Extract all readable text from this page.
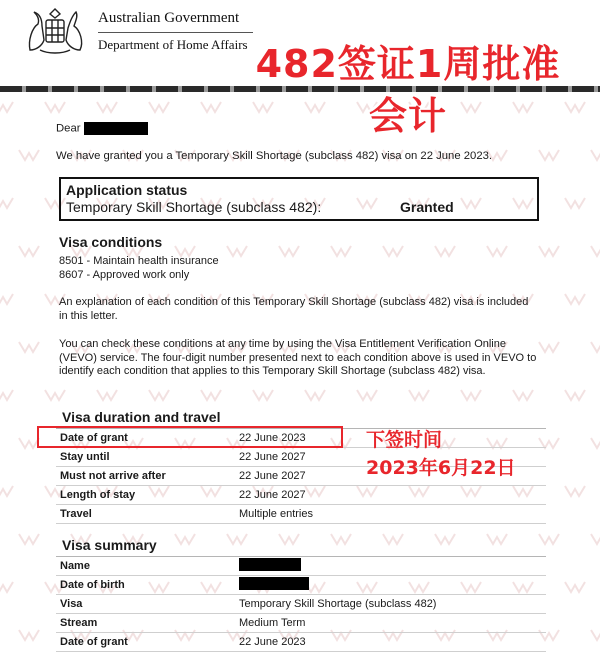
Australian Government
Department of Home Affairs 482签证1周批准
会计
Dear

We have granted you a Temporary Skill Shortage (subclass 482) visa on 22 June 2023.

Application status
Temporary Skill Shortage (subclass 482):	Granted
Visa conditions
8501 - Maintain health insurance
8607 - Approved work only

An explanation of each condition of this Temporary Skill Shortage (subclass 482) visa is included in this letter.

You can check these conditions at any time by using the Visa Entitlement Verification Online (VEVO) service. The four-digit number presented next to each condition above is used in VEVO to identify each condition that applies to this Temporary Skill Shortage (subclass 482) visa.

Visa duration and travel
Date of grant	22 June 2023
Stay until	22 June 2027
Must not arrive after	22 June 2027
Length of stay	22 June 2027
Travel	Multiple entries
下签时间
2023年6月22日
Visa summary
Name
Date of birth
Visa	Temporary Skill Shortage (subclass 482)
Stream	Medium Term
Date of grant	22 June 2023
